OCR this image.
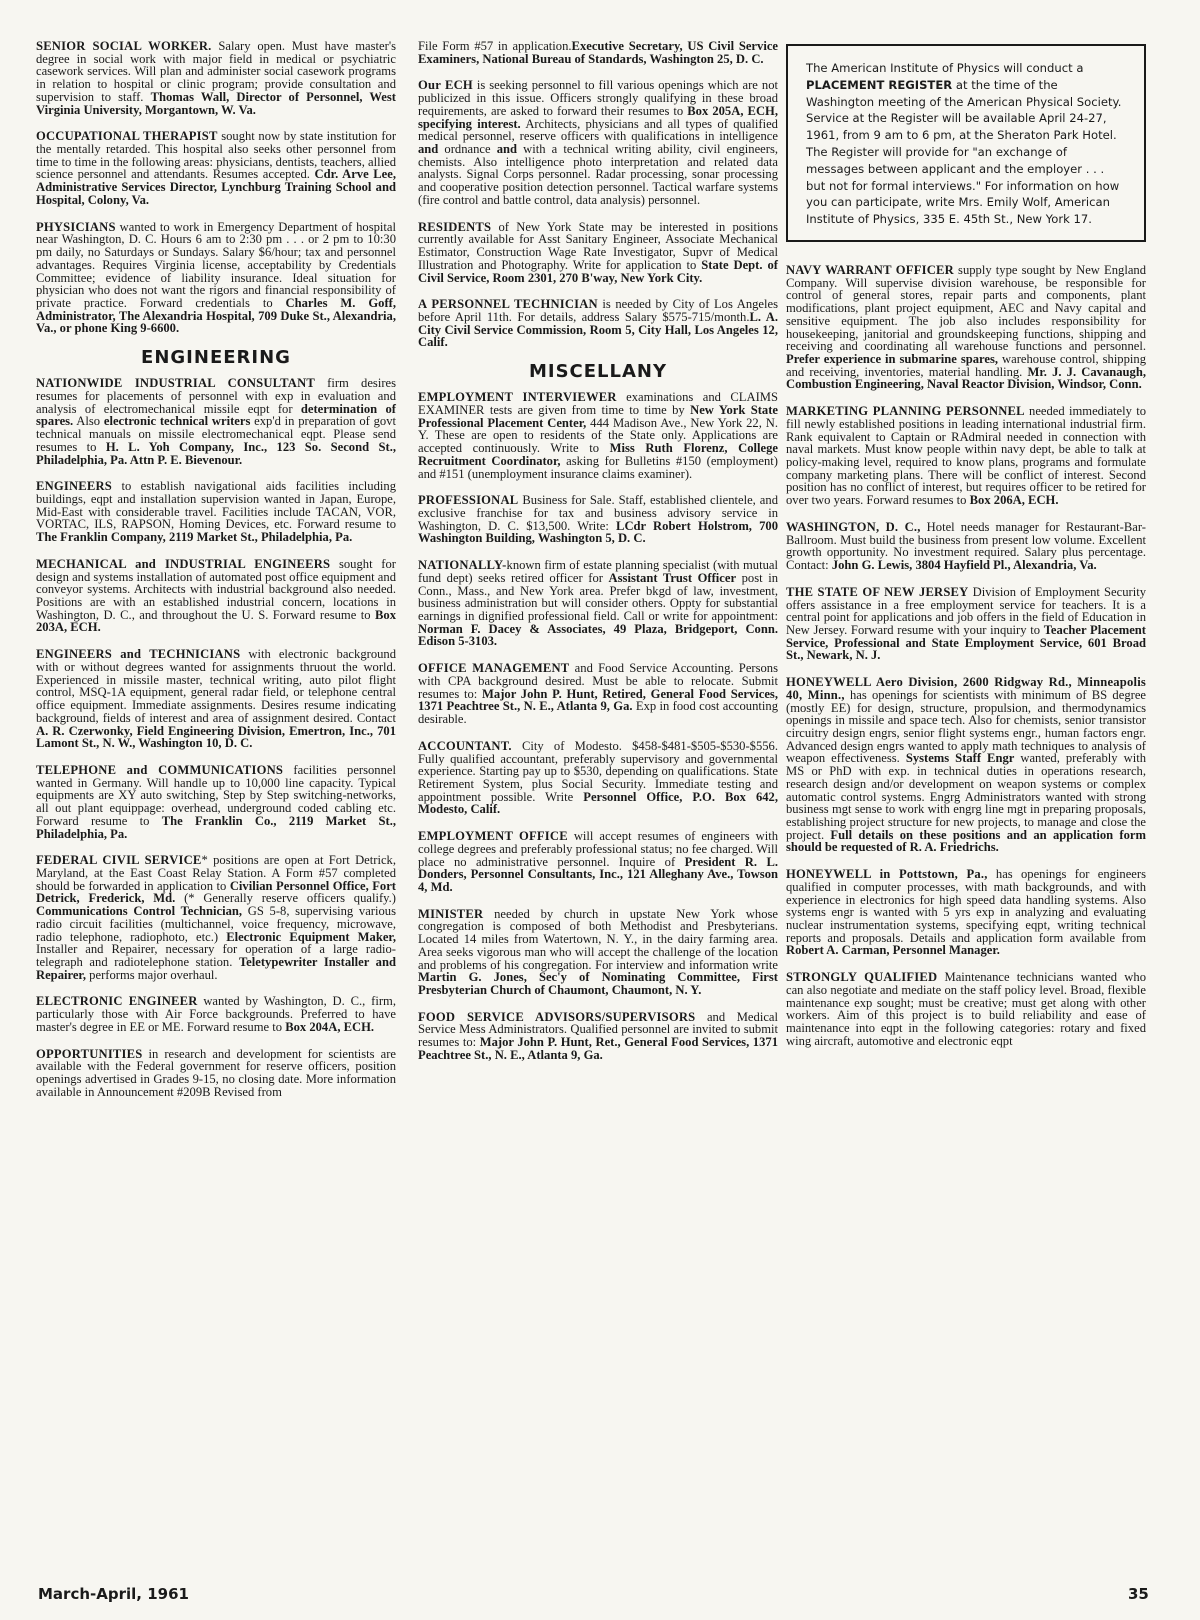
SENIOR SOCIAL WORKER. Salary open. Must have master's degree in social work with major field in medical or psychiatric casework services. Will plan and administer social casework programs in relation to hospital or clinic program; provide consultation and supervision to staff. Thomas Wall, Director of Personnel, West Virginia University, Morgantown, W. Va.

OCCUPATIONAL THERAPIST sought now by state institution for the mentally retarded. This hospital also seeks other personnel from time to time in the following areas: physicians, dentists, teachers, allied science personnel and attendants. Resumes accepted. Cdr. Arve Lee, Administrative Services Director, Lynchburg Training School and Hospital, Colony, Va.

PHYSICIANS wanted to work in Emergency Department of hospital near Washington, D. C. Hours 6 am to 2:30 pm . . . or 2 pm to 10:30 pm daily, no Saturdays or Sundays. Salary $6/hour; tax and personnel advantages. Requires Virginia license, acceptability by Credentials Committee; evidence of liability insurance. Ideal situation for physician who does not want the rigors and financial responsibility of private practice. Forward credentials to Charles M. Goff, Administrator, The Alexandria Hospital, 709 Duke St., Alexandria, Va., or phone King 9-6600.

ENGINEERING

NATIONWIDE INDUSTRIAL CONSULTANT firm desires resumes for placements of personnel with exp in evaluation and analysis of electromechanical missile eqpt for determination of spares. Also electronic technical writers exp'd in preparation of govt technical manuals on missile electromechanical eqpt. Please send resumes to H. L. Yoh Company, Inc., 123 So. Second St., Philadelphia, Pa. Attn P. E. Bievenour.

ENGINEERS to establish navigational aids facilities including buildings, eqpt and installation supervision wanted in Japan, Europe, Mid-East with considerable travel. Facilities include TACAN, VOR, VORTAC, ILS, RAPSON, Homing Devices, etc. Forward resume to The Franklin Company, 2119 Market St., Philadelphia, Pa.

MECHANICAL and INDUSTRIAL ENGINEERS sought for design and systems installation of automated post office equipment and conveyor systems. Architects with industrial background also needed. Positions are with an established industrial concern, locations in Washington, D. C., and throughout the U. S. Forward resume to Box 203A, ECH.

ENGINEERS and TECHNICIANS with electronic background with or without degrees wanted for assignments thruout the world. Experienced in missile master, technical writing, auto pilot flight control, MSQ-1A equipment, general radar field, or telephone central office equipment. Immediate assignments. Desires resume indicating background, fields of interest and area of assignment desired. Contact A. R. Czerwonky, Field Engineering Division, Emertron, Inc., 701 Lamont St., N. W., Washington 10, D. C.

TELEPHONE and COMMUNICATIONS facilities personnel wanted in Germany. Will handle up to 10,000 line capacity. Typical equipments are XY auto switching, Step by Step switching-networks, all out plant equippage: overhead, underground coded cabling etc. Forward resume to The Franklin Co., 2119 Market St., Philadelphia, Pa.

FEDERAL CIVIL SERVICE* positions are open at Fort Detrick, Maryland, at the East Coast Relay Station. A Form #57 completed should be forwarded in application to Civilian Personnel Office, Fort Detrick, Frederick, Md. (* Generally reserve officers qualify.) Communications Control Technician, GS 5-8, supervising various radio circuit facilities (multichannel, voice frequency, microwave, radio telephone, radiophoto, etc.) Electronic Equipment Maker, Installer and Repairer, necessary for operation of a large radio-telegraph and radiotelephone station. Teletypewriter Installer and Repairer, performs major overhaul.

ELECTRONIC ENGINEER wanted by Washington, D. C., firm, particularly those with Air Force backgrounds. Preferred to have master's degree in EE or ME. Forward resume to Box 204A, ECH.

OPPORTUNITIES in research and development for scientists are available with the Federal government for reserve officers, position openings advertised in Grades 9-15, no closing date. More information available in Announcement #209B Revised from

File Form #57 in application.Executive Secretary, US Civil Service Examiners, National Bureau of Standards, Washington 25, D. C.

Our ECH is seeking personnel to fill various openings which are not publicized in this issue. Officers strongly qualifying in these broad requirements, are asked to forward their resumes to Box 205A, ECH, specifying interest. Architects, physicians and all types of qualified medical personnel, reserve officers with qualifications in intelligence and ordnance and with a technical writing ability, civil engineers, chemists. Also intelligence photo interpretation and related data analysts. Signal Corps personnel. Radar processing, sonar processing and cooperative position detection personnel. Tactical warfare systems (fire control and battle control, data analysis) personnel.

RESIDENTS of New York State may be interested in positions currently available for Asst Sanitary Engineer, Associate Mechanical Estimator, Construction Wage Rate Investigator, Supvr of Medical Illustration and Photography. Write for application to State Dept. of Civil Service, Room 2301, 270 B'way, New York City.

A PERSONNEL TECHNICIAN is needed by City of Los Angeles before April 11th. For details, address Salary $575-715/month.L. A. City Civil Service Commission, Room 5, City Hall, Los Angeles 12, Calif.

MISCELLANY

EMPLOYMENT INTERVIEWER examinations and CLAIMS EXAMINER tests are given from time to time by New York State Professional Placement Center, 444 Madison Ave., New York 22, N. Y. These are open to residents of the State only. Applications are accepted continuously. Write to Miss Ruth Florenz, College Recruitment Coordinator, asking for Bulletins #150 (employment) and #151 (unemployment insurance claims examiner).

PROFESSIONAL Business for Sale. Staff, established clientele, and exclusive franchise for tax and business advisory service in Washington, D. C. $13,500. Write: LCdr Robert Holstrom, 700 Washington Building, Washington 5, D. C.

NATIONALLY-known firm of estate planning specialist (with mutual fund dept) seeks retired officer for Assistant Trust Officer post in Conn., Mass., and New York area. Prefer bkgd of law, investment, business administration but will consider others. Oppty for substantial earnings in dignified professional field. Call or write for appointment: Norman F. Dacey & Associates, 49 Plaza, Bridgeport, Conn. Edison 5-3103.

OFFICE MANAGEMENT and Food Service Accounting. Persons with CPA background desired. Must be able to relocate. Submit resumes to: Major John P. Hunt, Retired, General Food Services, 1371 Peachtree St., N. E., Atlanta 9, Ga. Exp in food cost accounting desirable.

ACCOUNTANT. City of Modesto. $458-$481-$505-$530-$556. Fully qualified accountant, preferably supervisory and governmental experience. Starting pay up to $530, depending on qualifications. State Retirement System, plus Social Security. Immediate testing and appointment possible. Write Personnel Office, P.O. Box 642, Modesto, Calif.

EMPLOYMENT OFFICE will accept resumes of engineers with college degrees and preferably professional status; no fee charged. Will place no administrative personnel. Inquire of President R. L. Donders, Personnel Consultants, Inc., 121 Alleghany Ave., Towson 4, Md.

MINISTER needed by church in upstate New York whose congregation is composed of both Methodist and Presbyterians. Located 14 miles from Watertown, N. Y., in the dairy farming area. Area seeks vigorous man who will accept the challenge of the location and problems of his congregation. For interview and information write Martin G. Jones, Sec'y of Nominating Committee, First Presbyterian Church of Chaumont, Chaumont, N. Y.

FOOD SERVICE ADVISORS/SUPERVISORS and Medical Service Mess Administrators. Qualified personnel are invited to submit resumes to: Major John P. Hunt, Ret., General Food Services, 1371 Peachtree St., N. E., Atlanta 9, Ga.

The American Institute of Physics will conduct a PLACEMENT REGISTER at the time of the Washington meeting of the American Physical Society. Service at the Register will be available April 24-27, 1961, from 9 am to 6 pm, at the Sheraton Park Hotel. The Register will provide for "an exchange of messages between applicant and the employer . . . but not for formal interviews." For information on how you can participate, write Mrs. Emily Wolf, American Institute of Physics, 335 E. 45th St., New York 17.

NAVY WARRANT OFFICER supply type sought by New England Company. Will supervise division warehouse, be responsible for control of general stores, repair parts and components, plant modifications, plant project equipment, AEC and Navy capital and sensitive equipment. The job also includes responsibility for housekeeping, janitorial and groundskeeping functions, shipping and receiving and coordinating all warehouse functions and personnel. Prefer experience in submarine spares, warehouse control, shipping and receiving, inventories, material handling. Mr. J. J. Cavanaugh, Combustion Engineering, Naval Reactor Division, Windsor, Conn.

MARKETING PLANNING PERSONNEL needed immediately to fill newly established positions in leading international industrial firm. Rank equivalent to Captain or RAdmiral needed in connection with naval markets. Must know people within navy dept, be able to talk at policy-making level, required to know plans, programs and formulate company marketing plans. There will be conflict of interest. Second position has no conflict of interest, but requires officer to be retired for over two years. Forward resumes to Box 206A, ECH.

WASHINGTON, D. C., Hotel needs manager for Restaurant-Bar-Ballroom. Must build the business from present low volume. Excellent growth opportunity. No investment required. Salary plus percentage. Contact: John G. Lewis, 3804 Hayfield Pl., Alexandria, Va.

THE STATE OF NEW JERSEY Division of Employment Security offers assistance in a free employment service for teachers. It is a central point for applications and job offers in the field of Education in New Jersey. Forward resume with your inquiry to Teacher Placement Service, Professional and State Employment Service, 601 Broad St., Newark, N. J.

HONEYWELL Aero Division, 2600 Ridgway Rd., Minneapolis 40, Minn., has openings for scientists with minimum of BS degree (mostly EE) for design, structure, propulsion, and thermodynamics openings in missile and space tech. Also for chemists, senior transistor circuitry design engrs, senior flight systems engr., human factors engr. Advanced design engrs wanted to apply math techniques to analysis of weapon effectiveness. Systems Staff Engr wanted, preferably with MS or PhD with exp. in technical duties in operations research, research design and/or development on weapon systems or complex automatic control systems. Engrg Administrators wanted with strong business mgt sense to work with engrg line mgt in preparing proposals, establishing project structure for new projects, to manage and close the project. Full details on these positions and an application form should be requested of R. A. Friedrichs.

HONEYWELL in Pottstown, Pa., has openings for engineers qualified in computer processes, with math backgrounds, and with experience in electronics for high speed data handling systems. Also systems engr is wanted with 5 yrs exp in analyzing and evaluating nuclear instrumentation systems, specifying eqpt, writing technical reports and proposals. Details and application form available from Robert A. Carman, Personnel Manager.

STRONGLY QUALIFIED Maintenance technicians wanted who can also negotiate and mediate on the staff policy level. Broad, flexible maintenance exp sought; must be creative; must get along with other workers. Aim of this project is to build reliability and ease of maintenance into eqpt in the following categories: rotary and fixed wing aircraft, automotive and electronic eqpt

March-April, 1961	35
